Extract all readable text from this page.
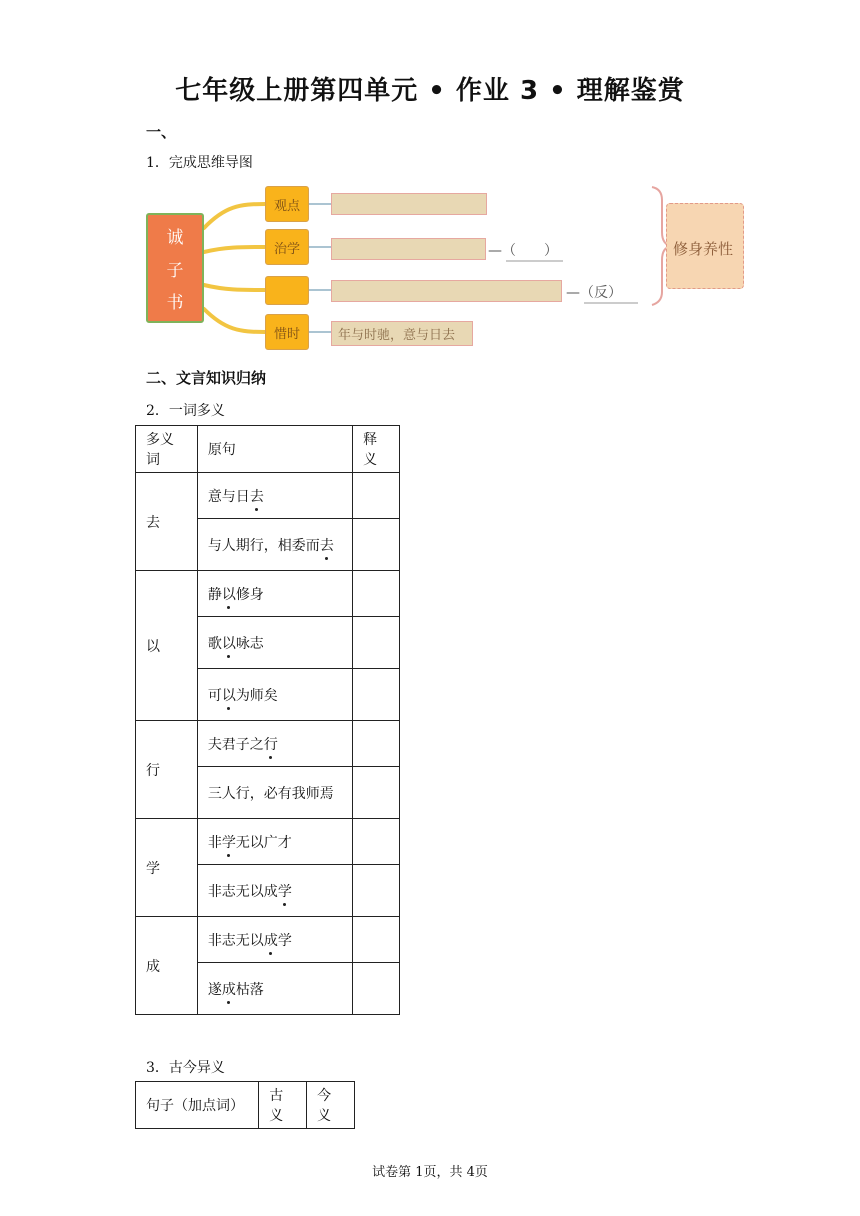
七年级上册第四单元 • 作业 3 • 理解鉴赏
一、
1．完成思维导图
诚
子
书
观点
治学
惜时	年与时驰，意与日去
—（　　）
—（反）
修身养性
二、文言知识归纳
2．一词多义
多义词	原句	释义
去	意与日去	
	与人期行，相委而去	
以	静以修身	
	歌以咏志	
	可以为师矣	
行	夫君子之行	
	三人行，必有我师焉	
学	非学无以广才	
	非志无以成学	
成	非志无以成学	
	遂成枯落	
3．古今异义
句子（加点词）	古义	今义
试卷第 1页，共 4页
